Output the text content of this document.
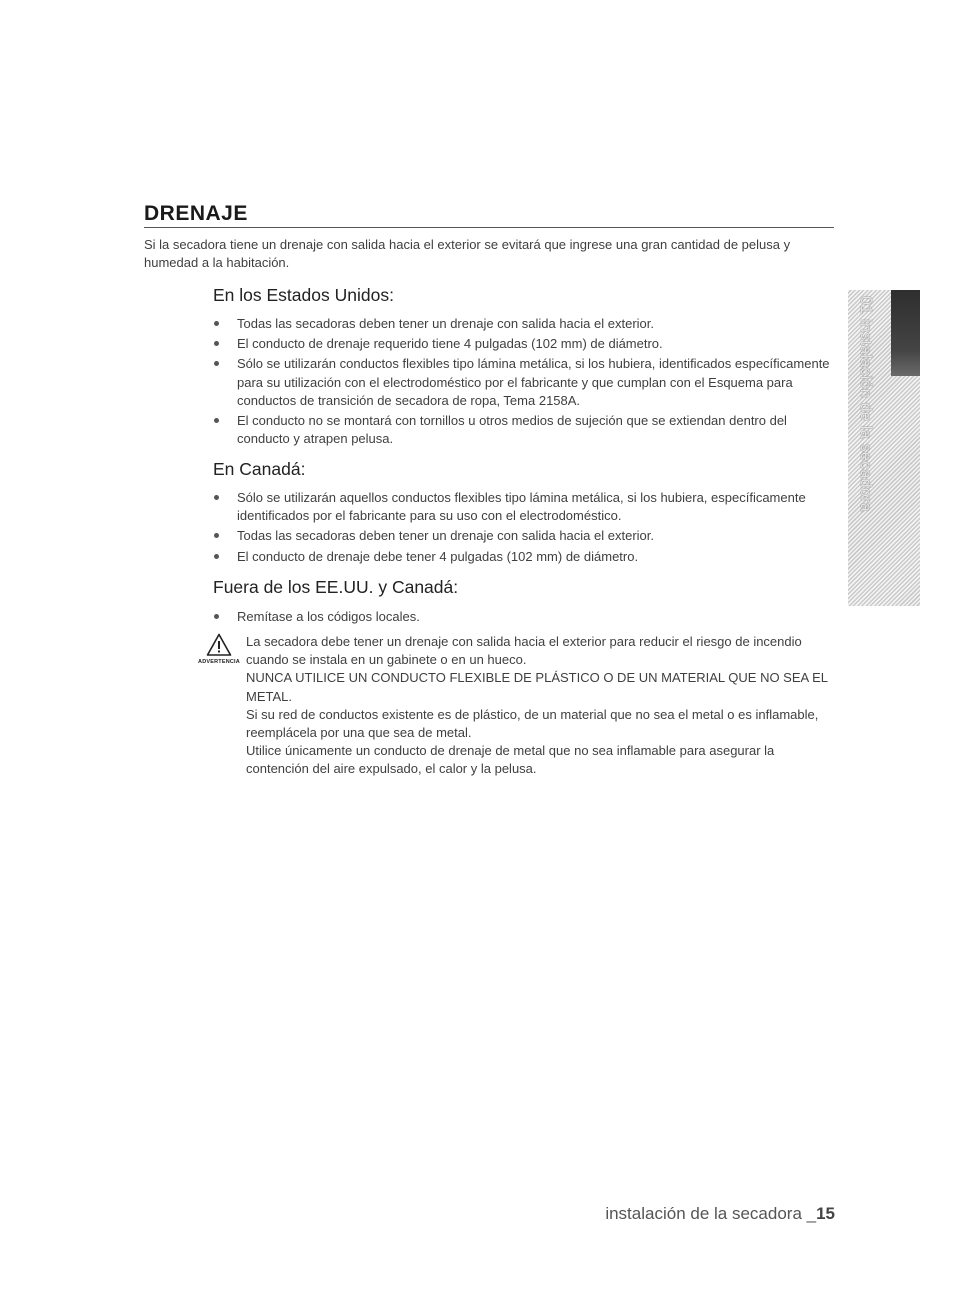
DRENAJE
Si la secadora tiene un drenaje con salida hacia el exterior se evitará que ingrese una gran cantidad de pelusa y humedad a la habitación.
En los Estados Unidos:
Todas las secadoras deben tener un drenaje con salida hacia el exterior.
El conducto de drenaje requerido tiene 4 pulgadas (102 mm) de diámetro.
Sólo se utilizarán conductos flexibles tipo lámina metálica, si los hubiera, identificados específicamente para su utilización con el electrodoméstico por el fabricante y que cumplan con el Esquema para conductos de transición de secadora de ropa, Tema 2158A.
El conducto no se montará con tornillos u otros medios de sujeción que se extiendan dentro del conducto y atrapen pelusa.
En Canadá:
Sólo se utilizarán aquellos conductos flexibles tipo lámina metálica, si los hubiera, específicamente identificados por el fabricante para su uso con el electrodoméstico.
Todas las secadoras deben tener un drenaje con salida hacia el exterior.
El conducto de drenaje debe tener 4 pulgadas (102 mm) de diámetro.
Fuera de los EE.UU. y Canadá:
Remítase a los códigos locales.
ADVERTENCIA

La secadora debe tener un drenaje con salida hacia el exterior para reducir el riesgo de incendio cuando se instala en un gabinete o en un hueco.

NUNCA UTILICE UN CONDUCTO FLEXIBLE DE PLÁSTICO O DE UN MATERIAL QUE NO SEA EL METAL.

Si su red de conductos existente es de plástico, de un material que no sea el metal o es inflamable, reemplácela por una que sea de metal.

Utilice únicamente un conducto de drenaje de metal que no sea inflamable para asegurar la contención del aire expulsado, el calor y la pelusa.

01 instalación de la secadora
instalación de la secadora _15
